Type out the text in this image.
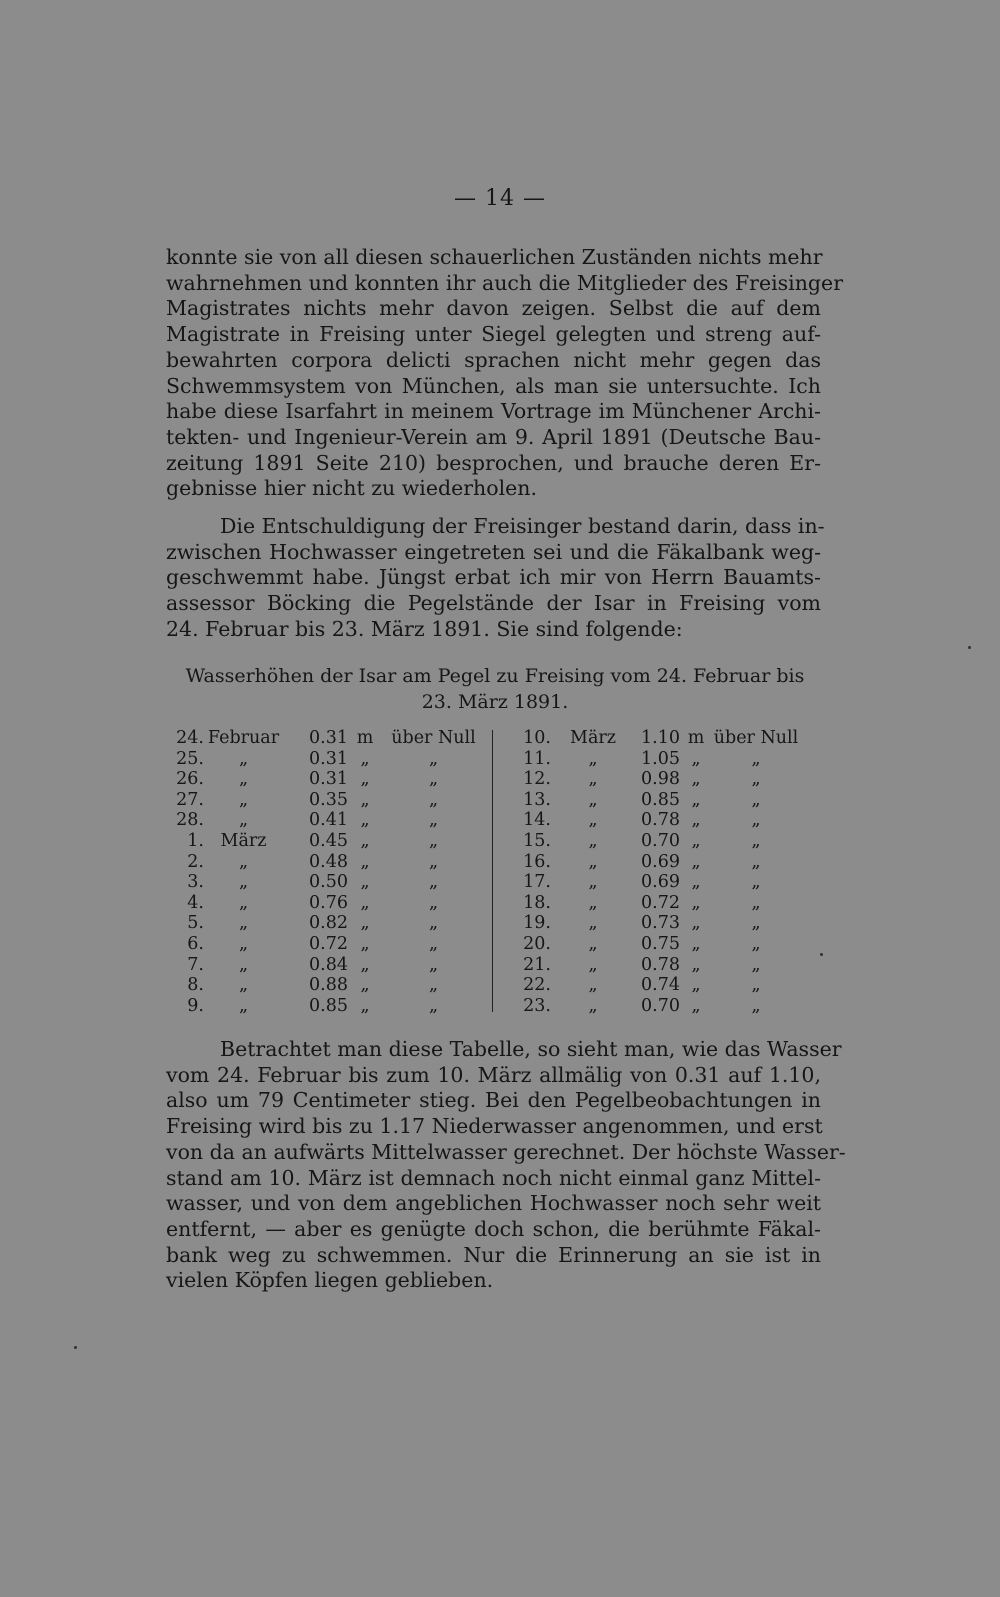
— 14 —
konnte sie von all diesen schauerlichen Zuständen nichts mehr
wahrnehmen und konnten ihr auch die Mitglieder des Freisinger
Magistrates nichts mehr davon zeigen. Selbst die auf dem
Magistrate in Freising unter Siegel gelegten und streng auf-
bewahrten corpora delicti sprachen nicht mehr gegen das
Schwemmsystem von München, als man sie untersuchte. Ich
habe diese Isarfahrt in meinem Vortrage im Münchener Archi-
tekten- und Ingenieur-Verein am 9. April 1891 (Deutsche Bau-
zeitung 1891 Seite 210) besprochen, und brauche deren Er-
gebnisse hier nicht zu wiederholen.
Die Entschuldigung der Freisinger bestand darin, dass in-
zwischen Hochwasser eingetreten sei und die Fäkalbank weg-
geschwemmt habe. Jüngst erbat ich mir von Herrn Bauamts-
assessor Böcking die Pegelstände der Isar in Freising vom
24. Februar bis 23. März 1891. Sie sind folgende:
Wasserhöhen der Isar am Pegel zu Freising vom 24. Februar bis
23. März 1891.
24. Februar 0.31 m	über Null
25.	„	0.31 „	„
26.	„	0.31 „	„
27.	„	0.35 „	„
28.	„	0.41 „	„
1. März	0.45 „	„
2.	„	0.48 „	„
3.	„	0.50 „	„
4.	„	0.76 „	„
5.	„	0.82 „	„
6.	„	0.72 „	„
7.	„	0.84 „	„
8.	„	0.88 „	„
9.	„	0.85 „	„
10.	März	1.10 m über Null
11.	„	1.05 „	„
12.	„	0.98 „	„
13.	„	0.85 „	„
14.	„	0.78 „	„
15.	„	0.70 „	„
16.	„	0.69 „	„
17.	„	0.69 „	„
18.	„	0.72 „	„
19.	„	0.73 „	„
20.	„	0.75 „	„
21.	„	0.78 „	„
22.	„	0.74 „	„
23.	„	0.70 „	„
Betrachtet man diese Tabelle, so sieht man, wie das Wasser
vom 24. Februar bis zum 10. März allmälig von 0.31 auf 1.10,
also um 79 Centimeter stieg. Bei den Pegelbeobachtungen in
Freising wird bis zu 1.17 Niederwasser angenommen, und erst
von da an aufwärts Mittelwasser gerechnet. Der höchste Wasser-
stand am 10. März ist demnach noch nicht einmal ganz Mittel-
wasser, und von dem angeblichen Hochwasser noch sehr weit
entfernt, — aber es genügte doch schon, die berühmte Fäkal-
bank weg zu schwemmen. Nur die Erinnerung an sie ist in
vielen Köpfen liegen geblieben.
